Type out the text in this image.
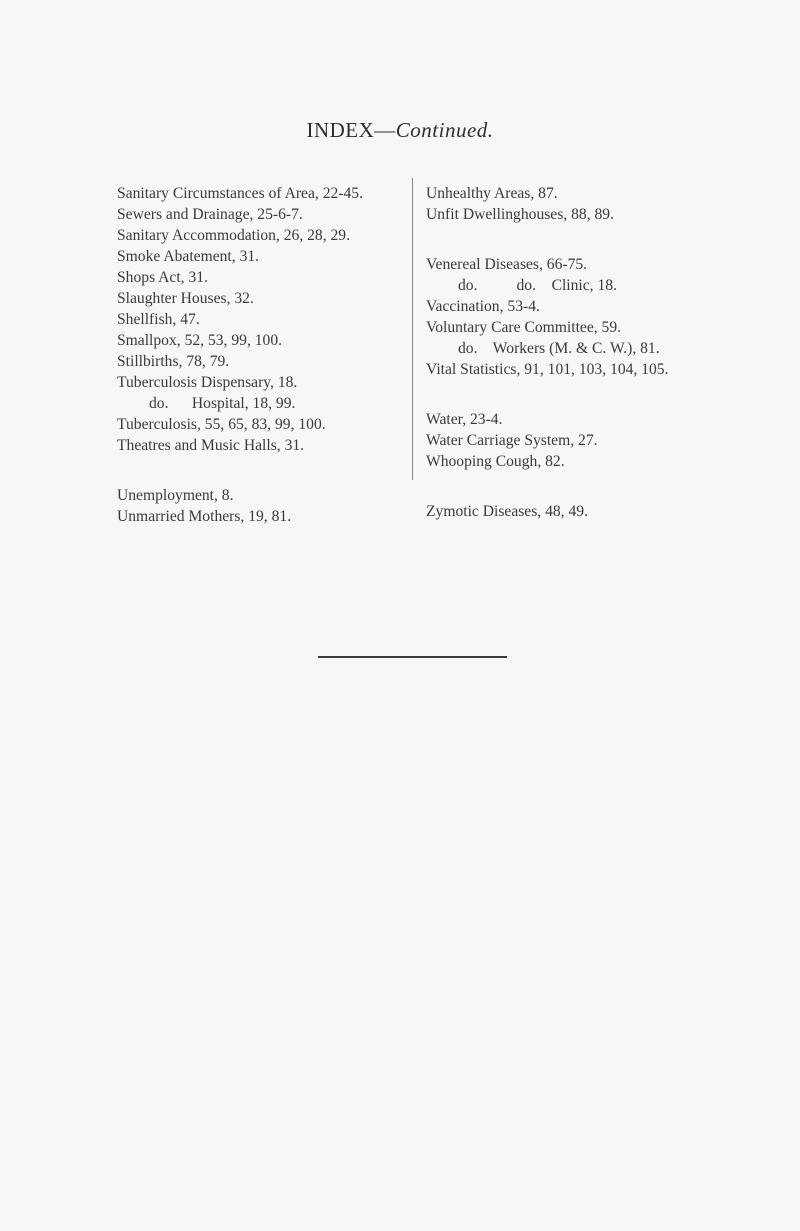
INDEX—Continued.
Sanitary Circumstances of Area, 22-45.
Sewers and Drainage, 25-6-7.
Sanitary Accommodation, 26, 28, 29.
Smoke Abatement, 31.
Shops Act, 31.
Slaughter Houses, 32.
Shellfish, 47.
Smallpox, 52, 53, 99, 100.
Stillbirths, 78, 79.
Tuberculosis Dispensary, 18.
do.      Hospital, 18, 99.
Tuberculosis, 55, 65, 83, 99, 100.
Theatres and Music Halls, 31.
Unemployment, 8.
Unmarried Mothers, 19, 81.
Unhealthy Areas, 87.
Unfit Dwellinghouses, 88, 89.
Venereal Diseases, 66-75.
do.          do.    Clinic, 18.
Vaccination, 53-4.
Voluntary Care Committee, 59.
do.    Workers (M. & C. W.), 81.
Vital Statistics, 91, 101, 103, 104, 105.
Water, 23-4.
Water Carriage System, 27.
Whooping Cough, 82.
Zymotic Diseases, 48, 49.
